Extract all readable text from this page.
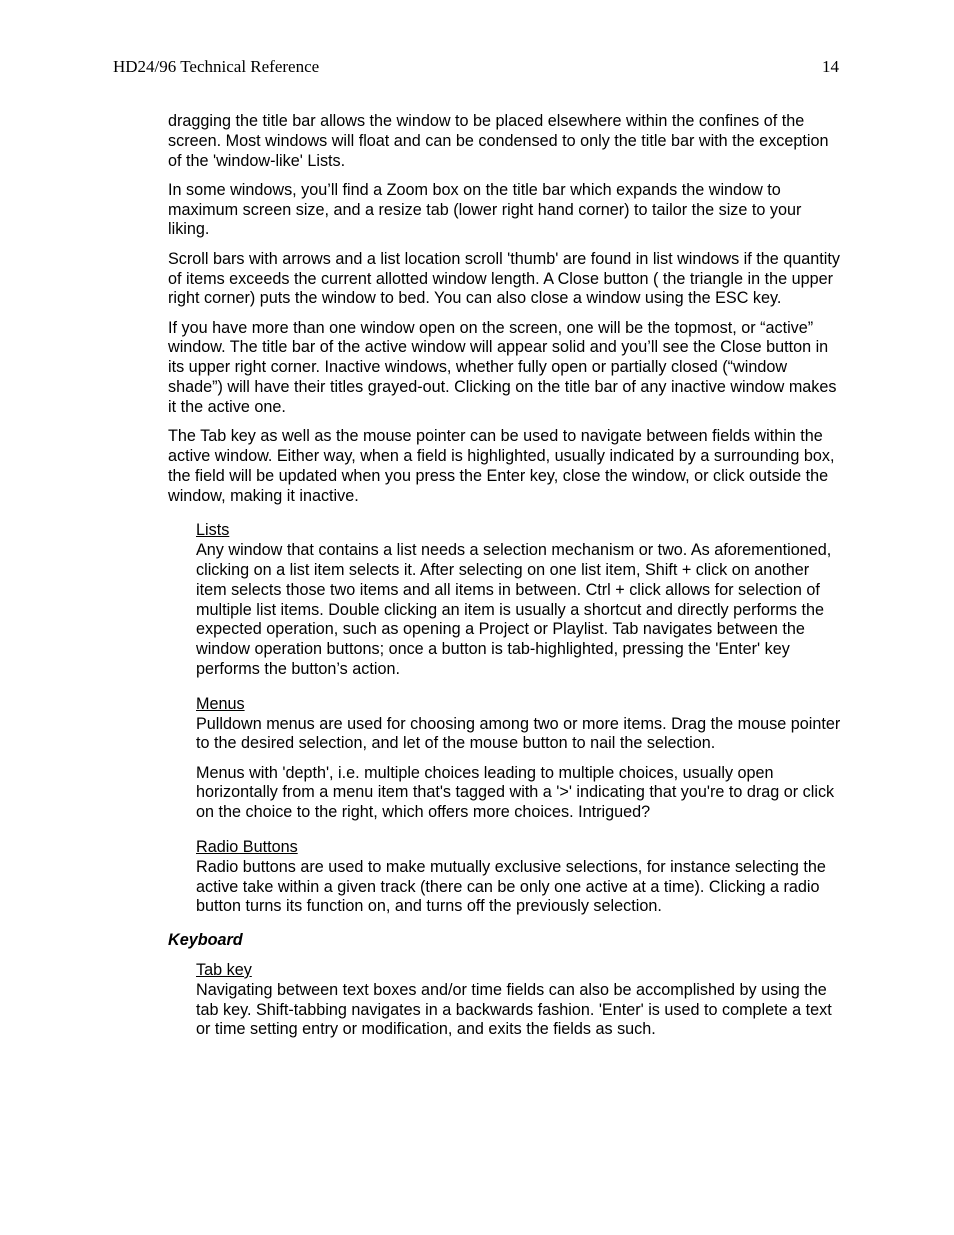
HD24/96 Technical Reference	14

dragging the title bar allows the window to be placed elsewhere within the confines of the screen. Most windows will float and can be condensed to only the title bar with the exception of the 'window-like' Lists.

In some windows, you’ll find a Zoom box on the title bar which expands the window to maximum screen size, and a resize tab (lower right hand corner) to tailor the size to your liking.

Scroll bars with arrows and a list location scroll 'thumb' are found in list windows if the quantity of items exceeds the current allotted window length. A Close button ( the triangle in the upper right corner) puts the window to bed. You can also close a window using the ESC key.

If you have more than one window open on the screen, one will be the topmost, or “active” window. The title bar of the active window will appear solid and you’ll see the Close button in its upper right corner. Inactive windows, whether fully open or partially closed (“window shade”) will have their titles grayed-out. Clicking on the title bar of any inactive window makes it the active one.

The Tab key as well as the mouse pointer can be used to navigate between fields within the active window. Either way, when a field is highlighted, usually indicated by a surrounding box, the field will be updated when you press the Enter key, close the window, or click outside the window, making it inactive.

Lists

Any window that contains a list needs a selection mechanism or two. As aforementioned, clicking on a list item selects it. After selecting on one list item, Shift + click on another item selects those two items and all items in between. Ctrl + click allows for selection of multiple list items. Double clicking an item is usually a shortcut and directly performs the expected operation, such as opening a Project or Playlist. Tab navigates between the window operation buttons; once a button is tab-highlighted, pressing the 'Enter' key performs the button’s action.

Menus

Pulldown menus are used for choosing among two or more items. Drag the mouse pointer to the desired selection, and let of the mouse button to nail the selection.

Menus with 'depth', i.e. multiple choices leading to multiple choices, usually open horizontally from a menu item that's tagged with a '>' indicating that you're to drag or click on the choice to the right, which offers more choices. Intrigued?

Radio Buttons

Radio buttons are used to make mutually exclusive selections, for instance selecting the active take within a given track (there can be only one active at a time). Clicking a radio button turns its function on, and turns off the previously selection.

Keyboard
Tab key

Navigating between text boxes and/or time fields can also be accomplished by using the tab key. Shift-tabbing navigates in a backwards fashion. 'Enter' is used to complete a text or time setting entry or modification, and exits the fields as such.
